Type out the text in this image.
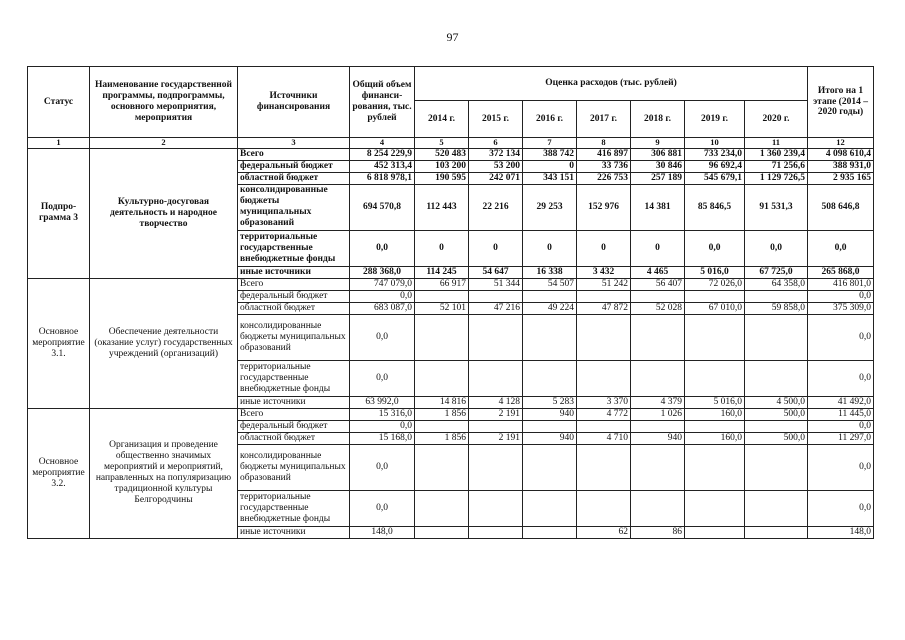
97
Статус	Наименование государственной программы, подпрограммы, основного мероприятия, мероприятия	Источники финансирования	Общий объем финанси-рования, тыс. рублей	Оценка расходов (тыс. рублей)							Итого на 1 этапе (2014 – 2020 годы)
				2014 г.	2015 г.	2016 г.	2017 г.	2018 г.	2019 г.	2020 г.	
1	2	3	4	5	6	7	8	9	10	11	12
Подпро-грамма 3	Культурно-досуговая деятельность и народное творчество	Всего	8 254 229,9	520 483	372 134	388 742	416 897	306 881	733 234,0	1 360 239,4	4 098 610,4
		федеральный бюджет	452 313,4	103 200	53 200	0	33 736	30 846	96 692,4	71 256,6	388 931,0
		областной бюджет	6 818 978,1	190 595	242 071	343 151	226 753	257 189	545 679,1	1 129 726,5	2 935 165
		консолидированные бюджеты муниципальных образований	694 570,8	112 443	22 216	29 253	152 976	14 381	85 846,5	91 531,3	508 646,8
		территориальные государственные внебюджетные фонды	0,0	0	0	0	0	0	0,0	0,0	0,0
		иные источники	288 368,0	114 245	54 647	16 338	3 432	4 465	5 016,0	67 725,0	265 868,0
Основное мероприятие 3.1.	Обеспечение деятельности (оказание услуг) государственных учреждений (организаций)	Всего	747 079,0	66 917	51 344	54 507	51 242	56 407	72 026,0	64 358,0	416 801,0
		федеральный бюджет	0,0								0,0
		областной бюджет	683 087,0	52 101	47 216	49 224	47 872	52 028	67 010,0	59 858,0	375 309,0
		консолидированные бюджеты муниципальных образований	0,0								0,0
		территориальные государственные внебюджетные фонды	0,0								0,0
		иные источники	63 992,0	14 816	4 128	5 283	3 370	4 379	5 016,0	4 500,0	41 492,0
Основное мероприятие 3.2.	Организация и проведение общественно значимых мероприятий и мероприятий, направленных на популяризацию традиционной культуры Белгородчины	Всего	15 316,0	1 856	2 191	940	4 772	1 026	160,0	500,0	11 445,0
		федеральный бюджет	0,0								0,0
		областной бюджет	15 168,0	1 856	2 191	940	4 710	940	160,0	500,0	11 297,0
		консолидированные бюджеты муниципальных образований	0,0								0,0
		территориальные государственные внебюджетные фонды	0,0								0,0
		иные источники	148,0				62	86			148,0
